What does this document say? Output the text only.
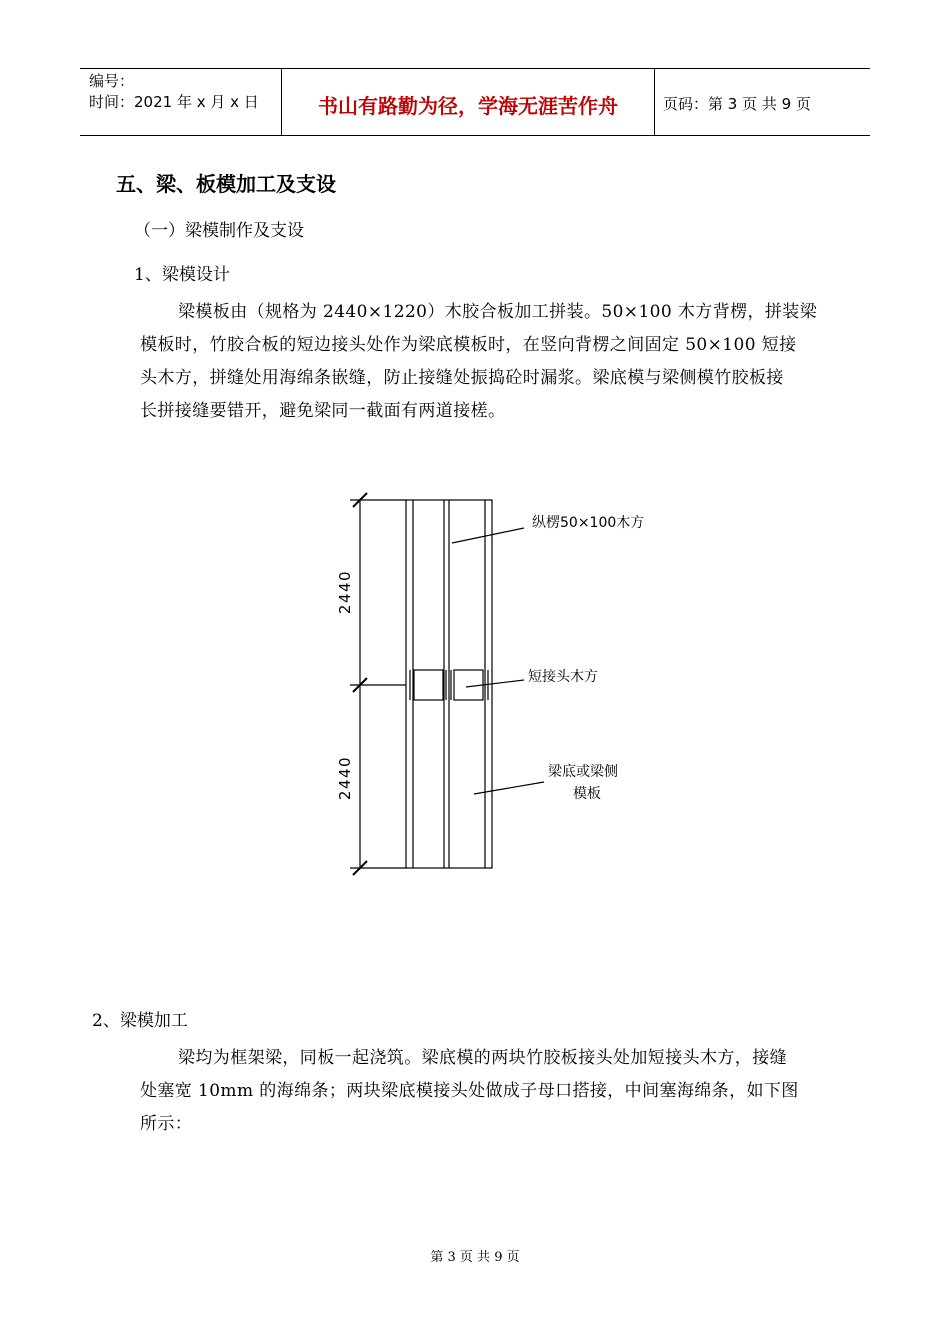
编号：
时间：2021 年 x 月 x 日	书山有路勤为径，学海无涯苦作舟	页码：第 3 页 共 9 页
五、梁、板模加工及支设
（一）梁模制作及支设
1、梁模设计

梁模板由（规格为 2440×1220）木胶合板加工拼装。50×100 木方背楞，拼装梁

模板时，竹胶合板的短边接头处作为梁底模板时，在竖向背楞之间固定 50×100 短接

头木方，拼缝处用海绵条嵌缝，防止接缝处振捣砼时漏浆。梁底模与梁侧模竹胶板接

长拼接缝要错开，避免梁同一截面有两道接槎。

2440
2440
纵楞50×100木方
短接头木方
梁底或梁侧
模板
2、梁模加工

梁均为框架梁，同板一起浇筑。梁底模的两块竹胶板接头处加短接头木方，接缝

处塞宽 10mm 的海绵条；两块梁底模接头处做成子母口搭接，中间塞海绵条，如下图

所示：

第 3 页 共 9 页
